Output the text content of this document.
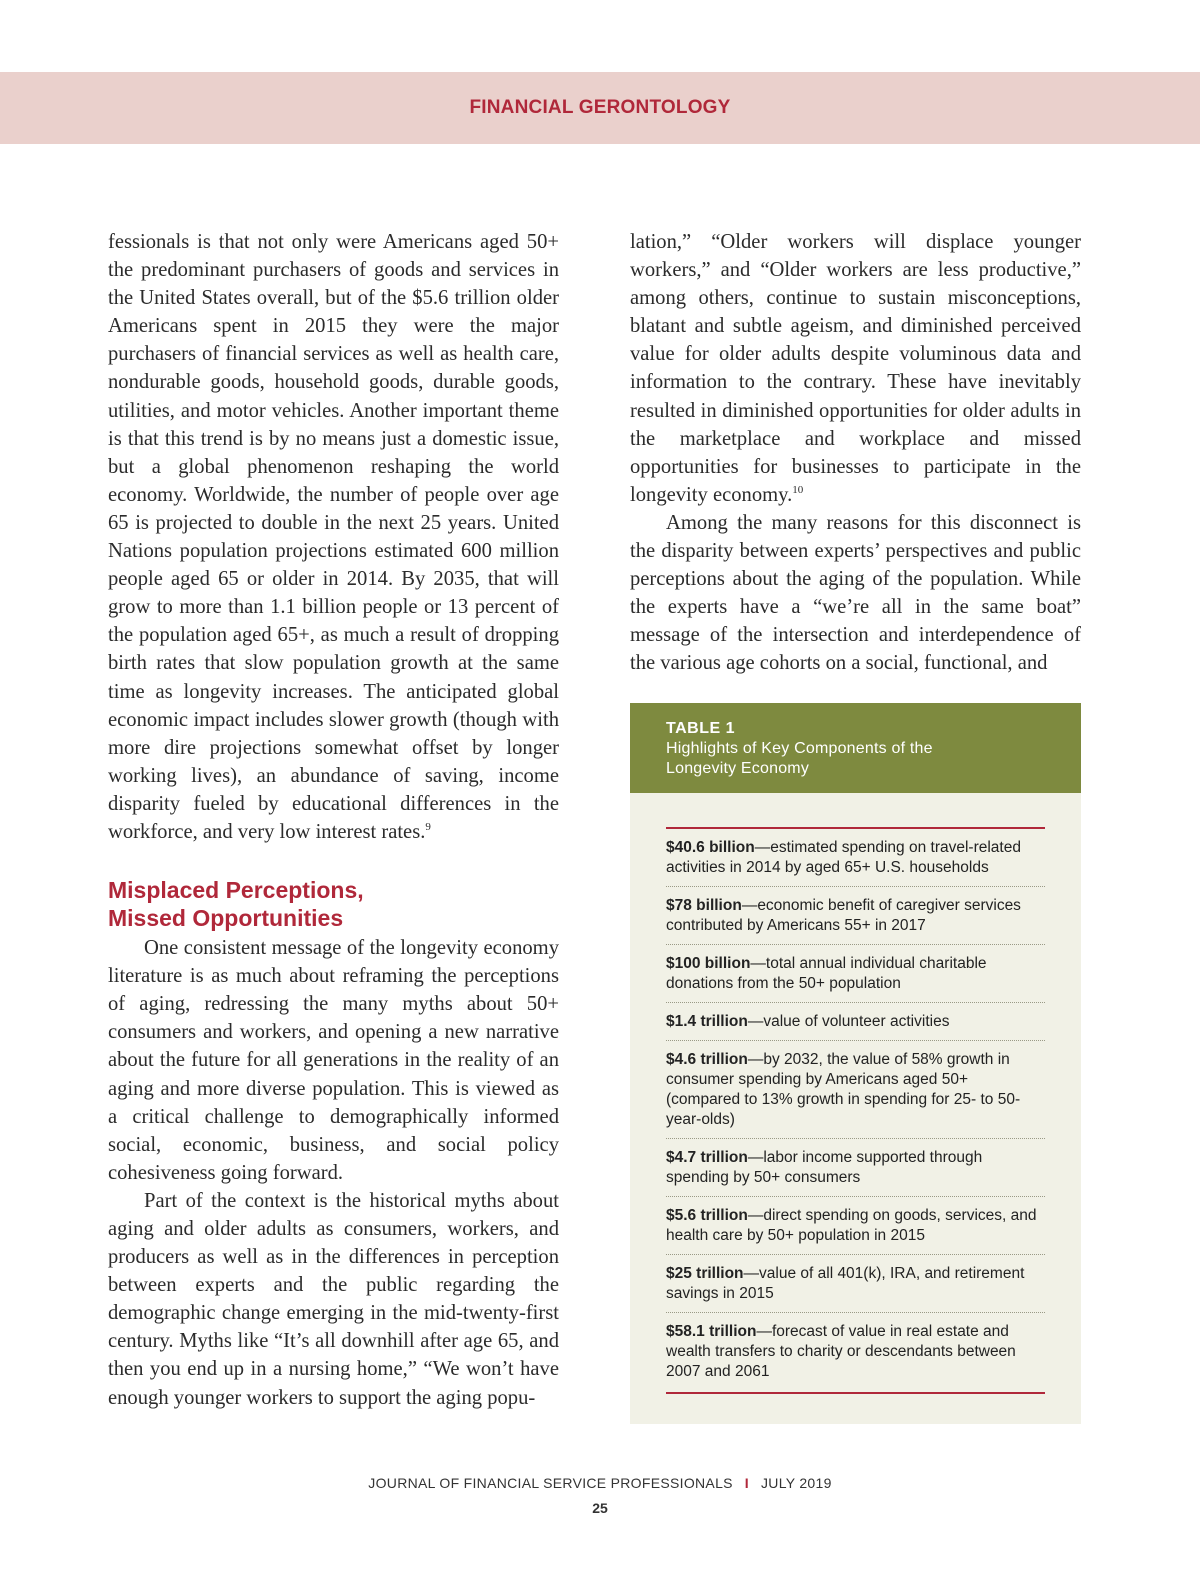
FINANCIAL GERONTOLOGY

fessionals is that not only were Americans aged 50+ the predominant purchasers of goods and services in the United States overall, but of the $5.6 trillion older Americans spent in 2015 they were the major purchasers of financial services as well as health care, nondurable goods, household goods, durable goods, utilities, and motor vehicles. Another important theme is that this trend is by no means just a domestic issue, but a global phenomenon reshaping the world economy. Worldwide, the number of people over age 65 is projected to double in the next 25 years. United Nations population projections estimated 600 million people aged 65 or older in 2014. By 2035, that will grow to more than 1.1 billion people or 13 percent of the population aged 65+, as much a result of dropping birth rates that slow population growth at the same time as longevity increases. The anticipated global economic impact includes slower growth (though with more dire projections somewhat offset by longer working lives), an abundance of saving, income disparity fueled by educational differences in the workforce, and very low interest rates.$^9$

Misplaced Perceptions,
Missed Opportunities

One consistent message of the longevity economy literature is as much about reframing the perceptions of aging, redressing the many myths about 50+ consumers and workers, and opening a new narrative about the future for all generations in the reality of an aging and more diverse population. This is viewed as a critical challenge to demographically informed social, economic, business, and social policy cohesiveness going forward.

Part of the context is the historical myths about aging and older adults as consumers, workers, and producers as well as in the differences in perception between experts and the public regarding the demographic change emerging in the mid-twenty-first century. Myths like “It’s all downhill after age 65, and then you end up in a nursing home,” “We won’t have enough younger workers to support the aging popu-

lation,” “Older workers will displace younger workers,” and “Older workers are less productive,” among others, continue to sustain misconceptions, blatant and subtle ageism, and diminished perceived value for older adults despite voluminous data and information to the contrary. These have inevitably resulted in diminished opportunities for older adults in the marketplace and workplace and missed opportunities for businesses to participate in the longevity economy.$^{10}$

Among the many reasons for this disconnect is the disparity between experts’ perspectives and public perceptions about the aging of the population. While the experts have a “we’re all in the same boat” message of the intersection and interdependence of the various age cohorts on a social, functional, and

TABLE 1
Highlights of Key Components of the
Longevity Economy
$40.6 billion—estimated spending on travel-related activities in 2014 by aged 65+ U.S. households
$78 billion—economic benefit of caregiver services contributed by Americans 55+ in 2017
$100 billion—total annual individual charitable donations from the 50+ population
$1.4 trillion—value of volunteer activities
$4.6 trillion—by 2032, the value of 58% growth in consumer spending by Americans aged 50+ (compared to 13% growth in spending for 25- to 50-year-olds)
$4.7 trillion—labor income supported through spending by 50+ consumers
$5.6 trillion—direct spending on goods, services, and health care by 50+ population in 2015
$25 trillion—value of all 401(k), IRA, and retirement savings in 2015
$58.1 trillion—forecast of value in real estate and wealth transfers to charity or descendants between 2007 and 2061
JOURNAL OF FINANCIAL SERVICE PROFESSIONALS I JULY 2019
25
